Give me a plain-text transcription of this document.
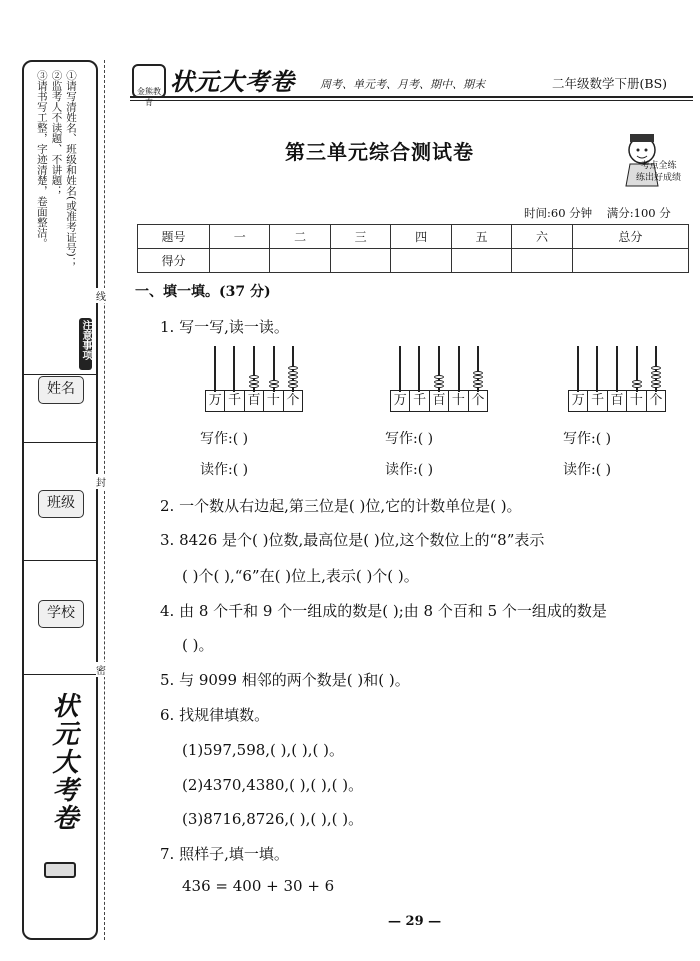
注意事项
①请写清姓名、班级和姓名(或准考证号)；
②监考人不读题、不讲题；
③请书写工整，字迹清楚，卷面整洁。
姓名
班级
学校
状元大考卷
线
封
密
金熊教育
状元大考卷 周考、单元考、月考、期中、期末	二年级数学下册(BS)
第三单元综合测试卷
考点全练
练出好成绩
时间:60 分钟 满分:100 分
题号	一	二	三	四	五	六	总分
得分							
一、填一填。(37 分)
1. 写一写,读一读。
万 千 百 十 个	万 千 百 十 个	万 千 百 十 个
写作:( )	写作:( )	写作:( )
读作:( )	读作:( )	读作:( )
2. 一个数从右边起,第三位是( )位,它的计数单位是( )。
3. 8426 是个( )位数,最高位是( )位,这个数位上的“8”表示
( )个( ),“6”在( )位上,表示( )个( )。
4. 由 8 个千和 9 个一组成的数是( );由 8 个百和 5 个一组成的数是
( )。
5. 与 9099 相邻的两个数是( )和( )。
6. 找规律填数。
(1)597,598,( ),( ),( )。
(2)4370,4380,( ),( ),( )。
(3)8716,8726,( ),( ),( )。
7. 照样子,填一填。
436 = 400 + 30 + 6
— 29 —
